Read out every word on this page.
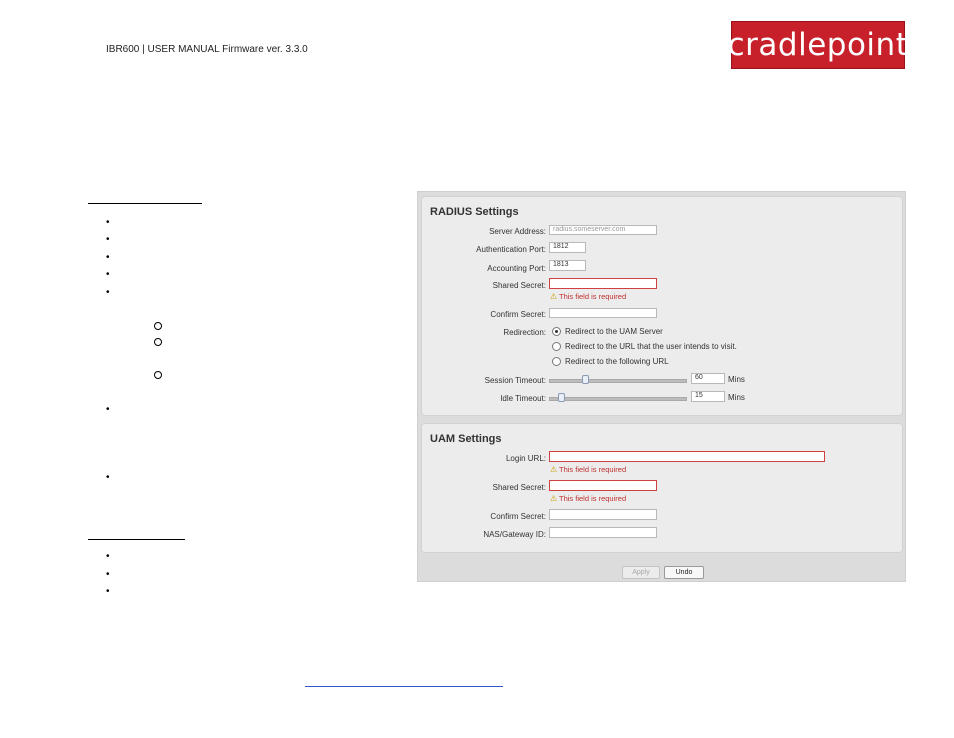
IBR600 | USER MANUAL Firmware ver. 3.3.0	cradlepoint
•
•
•
•
•
•
•
•
•
•
RADIUS Settings
Server Address:	radius.someserver.com
Authentication Port:	1812
Accounting Port:	1813
Shared Secret:
⚠ This field is required
Confirm Secret:
Redirection: Redirect to the UAM Server
Redirect to the URL that the user intends to visit.
Redirect to the following URL
Session Timeout:	60	Mins
Idle Timeout:	15	Mins
UAM Settings
Login URL:
⚠ This field is required
Shared Secret:
⚠ This field is required
Confirm Secret:
NAS/Gateway ID:
Apply	Undo
